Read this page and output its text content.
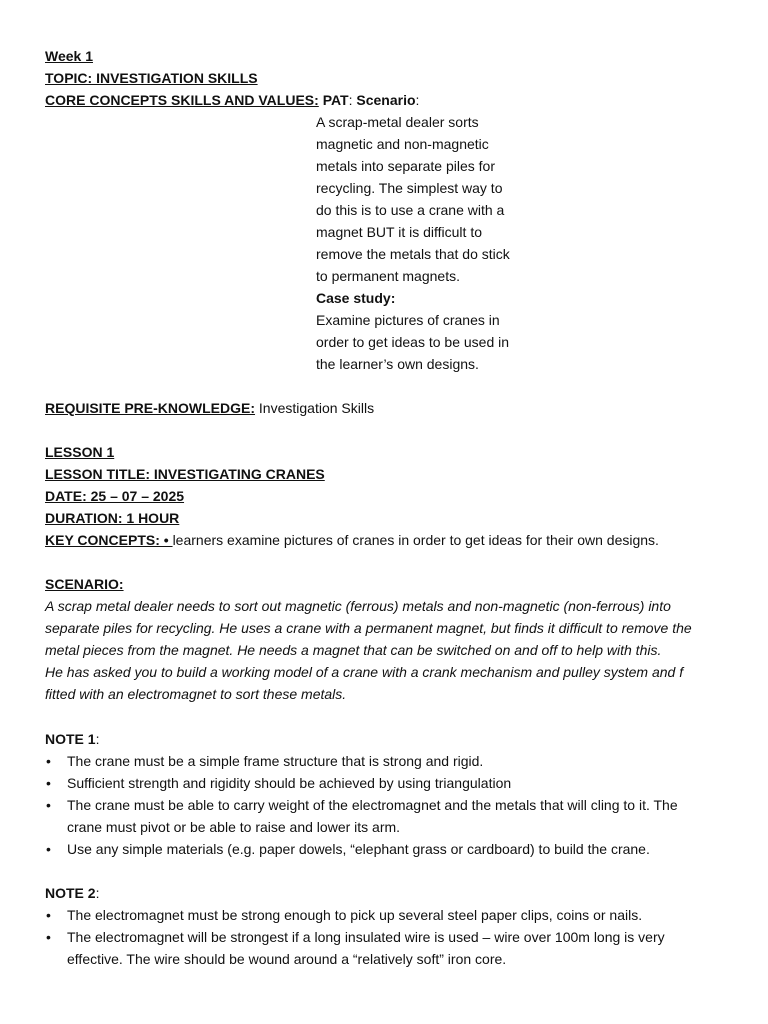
Week 1
TOPIC: INVESTIGATION SKILLS
CORE CONCEPTS SKILLS AND VALUES: PAT: Scenario:
A scrap-metal dealer sorts
magnetic and non-magnetic
metals into separate piles for
recycling. The simplest way to
do this is to use a crane with a
magnet BUT it is difficult to
remove the metals that do stick
to permanent magnets.
Case study:
Examine pictures of cranes in
order to get ideas to be used in
the learner’s own designs.
REQUISITE PRE-KNOWLEDGE: Investigation Skills
LESSON 1
LESSON TITLE: INVESTIGATING CRANES
DATE: 25 – 07 – 2025
DURATION: 1 HOUR
KEY CONCEPTS: • learners examine pictures of cranes in order to get ideas for their own designs.
SCENARIO:
A scrap metal dealer needs to sort out magnetic (ferrous) metals and non-magnetic (non-ferrous) into
separate piles for recycling. He uses a crane with a permanent magnet, but finds it difficult to remove the
metal pieces from the magnet. He needs a magnet that can be switched on and off to help with this.
He has asked you to build a working model of a crane with a crank mechanism and pulley system and f
fitted with an electromagnet to sort these metals.
NOTE 1:
• The crane must be a simple frame structure that is strong and rigid.
• Sufficient strength and rigidity should be achieved by using triangulation
• The crane must be able to carry weight of the electromagnet and the metals that will cling to it. The
crane must pivot or be able to raise and lower its arm.
• Use any simple materials (e.g. paper dowels, “elephant grass or cardboard) to build the crane.
NOTE 2:
• The electromagnet must be strong enough to pick up several steel paper clips, coins or nails.
• The electromagnet will be strongest if a long insulated wire is used – wire over 100m long is very
effective. The wire should be wound around a “relatively soft” iron core.
